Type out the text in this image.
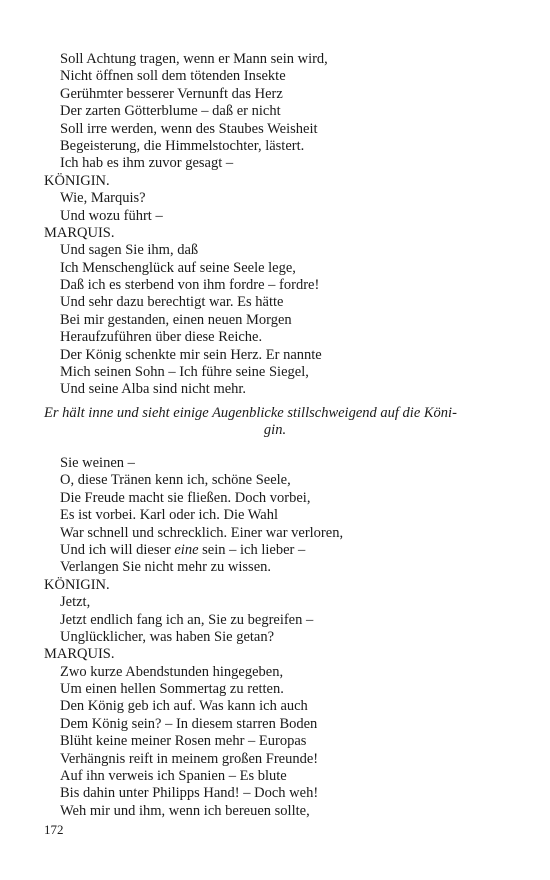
Soll Achtung tragen, wenn er Mann sein wird,
Nicht öffnen soll dem tötenden Insekte
Gerühmter besserer Vernunft das Herz
Der zarten Götterblume – daß er nicht
Soll irre werden, wenn des Staubes Weisheit
Begeisterung, die Himmelstochter, lästert.
Ich hab es ihm zuvor gesagt –
KÖNIGIN.
Wie, Marquis?
Und wozu führt –
MARQUIS.
Und sagen Sie ihm, daß
Ich Menschenglück auf seine Seele lege,
Daß ich es sterbend von ihm fordre – fordre!
Und sehr dazu berechtigt war. Es hätte
Bei mir gestanden, einen neuen Morgen
Heraufzuführen über diese Reiche.
Der König schenkte mir sein Herz. Er nannte
Mich seinen Sohn – Ich führe seine Siegel,
Und seine Alba sind nicht mehr.
Er hält inne und sieht einige Augenblicke stillschweigend auf die Köni-
gin.
Sie weinen –
O, diese Tränen kenn ich, schöne Seele,
Die Freude macht sie fließen. Doch vorbei,
Es ist vorbei. Karl oder ich. Die Wahl
War schnell und schrecklich. Einer war verloren,
Und ich will dieser eine sein – ich lieber –
Verlangen Sie nicht mehr zu wissen.
KÖNIGIN.
Jetzt,
Jetzt endlich fang ich an, Sie zu begreifen –
Unglücklicher, was haben Sie getan?
MARQUIS.
Zwo kurze Abendstunden hingegeben,
Um einen hellen Sommertag zu retten.
Den König geb ich auf. Was kann ich auch
Dem König sein? – In diesem starren Boden
Blüht keine meiner Rosen mehr – Europas
Verhängnis reift in meinem großen Freunde!
Auf ihn verweis ich Spanien – Es blute
Bis dahin unter Philipps Hand! – Doch weh!
Weh mir und ihm, wenn ich bereuen sollte,
172
